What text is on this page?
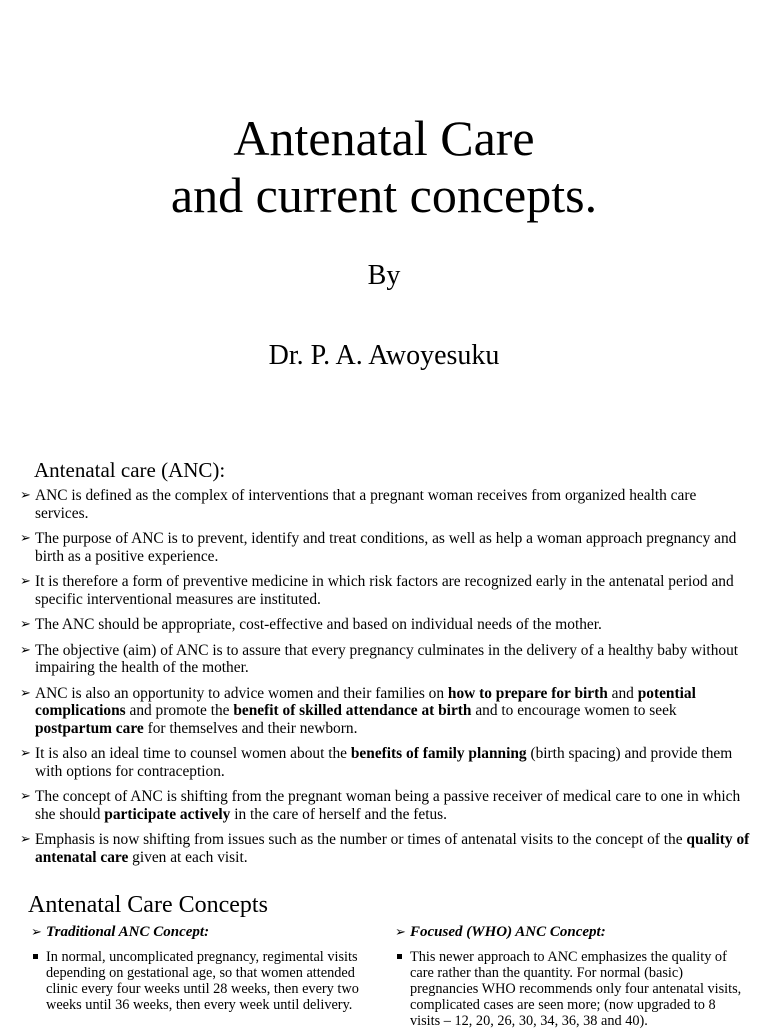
Antenatal Care
and current concepts.
By
Dr. P. A. Awoyesuku
Antenatal care (ANC):
➢ ANC is defined as the complex of interventions that a pregnant woman receives from organized health care services.
➢ The purpose of ANC is to prevent, identify and treat conditions, as well as help a woman approach pregnancy and birth as a positive experience.
➢ It is therefore a form of preventive medicine in which risk factors are recognized early in the antenatal period and specific interventional measures are instituted.
➢ The ANC should be appropriate, cost-effective and based on individual needs of the mother.
➢ The objective (aim) of ANC is to assure that every pregnancy culminates in the delivery of a healthy baby without impairing the health of the mother.
➢ ANC is also an opportunity to advice women and their families on how to prepare for birth and potential complications and promote the benefit of skilled attendance at birth and to encourage women to seek postpartum care for themselves and their newborn.
➢ It is also an ideal time to counsel women about the benefits of family planning (birth spacing) and provide them with options for contraception.
➢ The concept of ANC is shifting from the pregnant woman being a passive receiver of medical care to one in which she should participate actively in the care of herself and the fetus.
➢ Emphasis is now shifting from issues such as the number or times of antenatal visits to the concept of the quality of antenatal care given at each visit.
Antenatal Care Concepts
➢ Traditional ANC Concept:
In normal, uncomplicated pregnancy, regimental visits depending on gestational age, so that women attended clinic every four weeks until 28 weeks, then every two weeks until 36 weeks, then every week until delivery.
➢ Focused (WHO) ANC Concept:
This newer approach to ANC emphasizes the quality of care rather than the quantity. For normal (basic) pregnancies WHO recommends only four antenatal visits, complicated cases are seen more; (now upgraded to 8 visits – 12, 20, 26, 30, 34, 36, 38 and 40).
